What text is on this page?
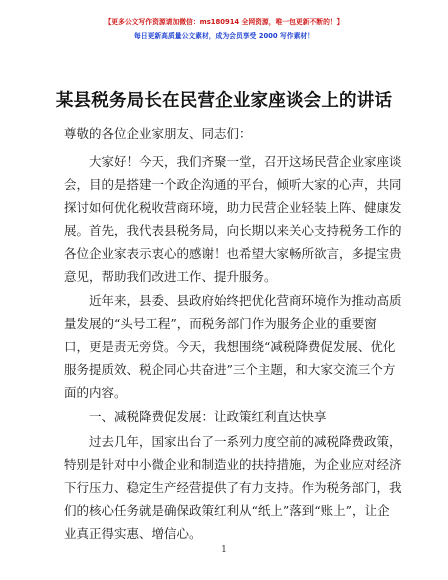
【更多公文写作资源请加微信：ms180914 全网资源，唯一包更新不断的！】
每日更新高质量公文素材，成为会员享受 2000 写作素材！
某县税务局长在民营企业家座谈会上的讲话
尊敬的各位企业家朋友、同志们：
大家好！今天，我们齐聚一堂，召开这场民营企业家座谈
会，目的是搭建一个政企沟通的平台，倾听大家的心声，共同
探讨如何优化税收营商环境，助力民营企业轻装上阵、健康发
展。首先，我代表县税务局，向长期以来关心支持税务工作的
各位企业家表示衷心的感谢！也希望大家畅所欲言，多提宝贵
意见，帮助我们改进工作、提升服务。
近年来，县委、县政府始终把优化营商环境作为推动高质
量发展的“头号工程”，而税务部门作为服务企业的重要窗
口，更是责无旁贷。今天，我想围绕“减税降费促发展、优化
服务提质效、税企同心共奋进”三个主题，和大家交流三个方
面的内容。
一、减税降费促发展：让政策红利直达快享
过去几年，国家出台了一系列力度空前的减税降费政策，
特别是针对中小微企业和制造业的扶持措施，为企业应对经济
下行压力、稳定生产经营提供了有力支持。作为税务部门，我
们的核心任务就是确保政策红利从“纸上”落到“账上”，让企
业真正得实惠、增信心。
1
